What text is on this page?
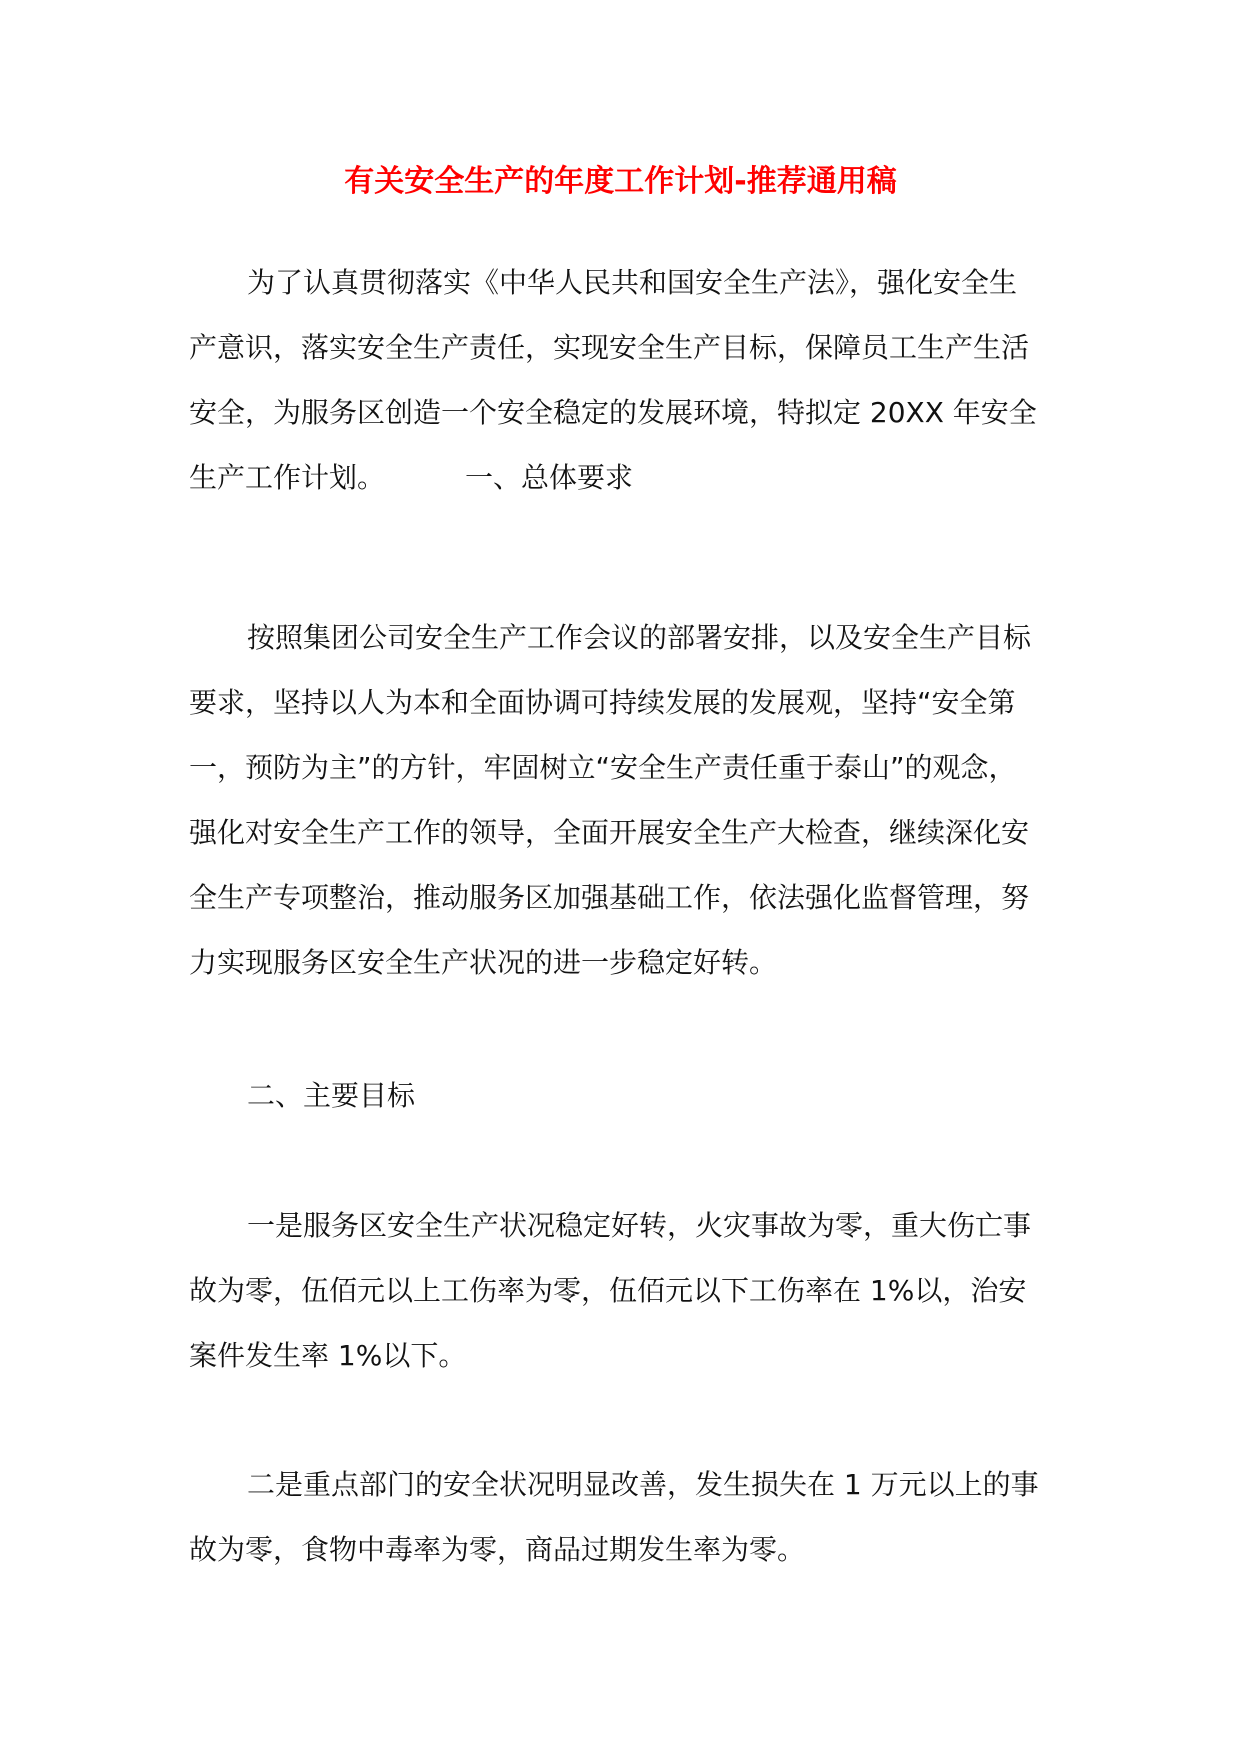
有关安全生产的年度工作计划-推荐通用稿
为了认真贯彻落实《中华人民共和国安全生产法》，强化安全生
产意识，落实安全生产责任，实现安全生产目标，保障员工生产生活
安全，为服务区创造一个安全稳定的发展环境，特拟定 20XX 年安全
生产工作计划。	一、总体要求
按照集团公司安全生产工作会议的部署安排，以及安全生产目标
要求，坚持以人为本和全面协调可持续发展的发展观，坚持“安全第
一，预防为主”的方针，牢固树立“安全生产责任重于泰山”的观念，
强化对安全生产工作的领导，全面开展安全生产大检查，继续深化安
全生产专项整治，推动服务区加强基础工作，依法强化监督管理，努
力实现服务区安全生产状况的进一步稳定好转。
二、主要目标
一是服务区安全生产状况稳定好转，火灾事故为零，重大伤亡事
故为零，伍佰元以上工伤率为零，伍佰元以下工伤率在 1%以，治安
案件发生率 1%以下。
二是重点部门的安全状况明显改善，发生损失在 1 万元以上的事
故为零，食物中毒率为零，商品过期发生率为零。
